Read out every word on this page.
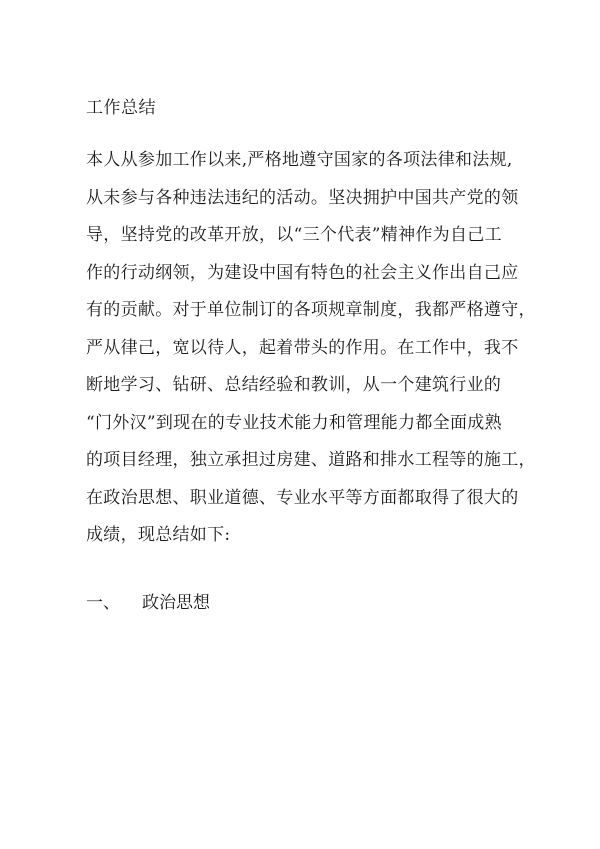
工作总结
本人从参加工作以来,严格地遵守国家的各项法律和法规,
从未参与各种违法违纪的活动。坚决拥护中国共产党的领
导，坚持党的改革开放，以“三个代表”精神作为自己工
作的行动纲领，为建设中国有特色的社会主义作出自己应
有的贡献。对于单位制订的各项规章制度，我都严格遵守，
严从律己，宽以待人，起着带头的作用。在工作中，我不
断地学习、钻研、总结经验和教训，从一个建筑行业的
“门外汉”到现在的专业技术能力和管理能力都全面成熟
的项目经理，独立承担过房建、道路和排水工程等的施工，
在政治思想、职业道德、专业水平等方面都取得了很大的
成绩，现总结如下:
一、 政治思想
